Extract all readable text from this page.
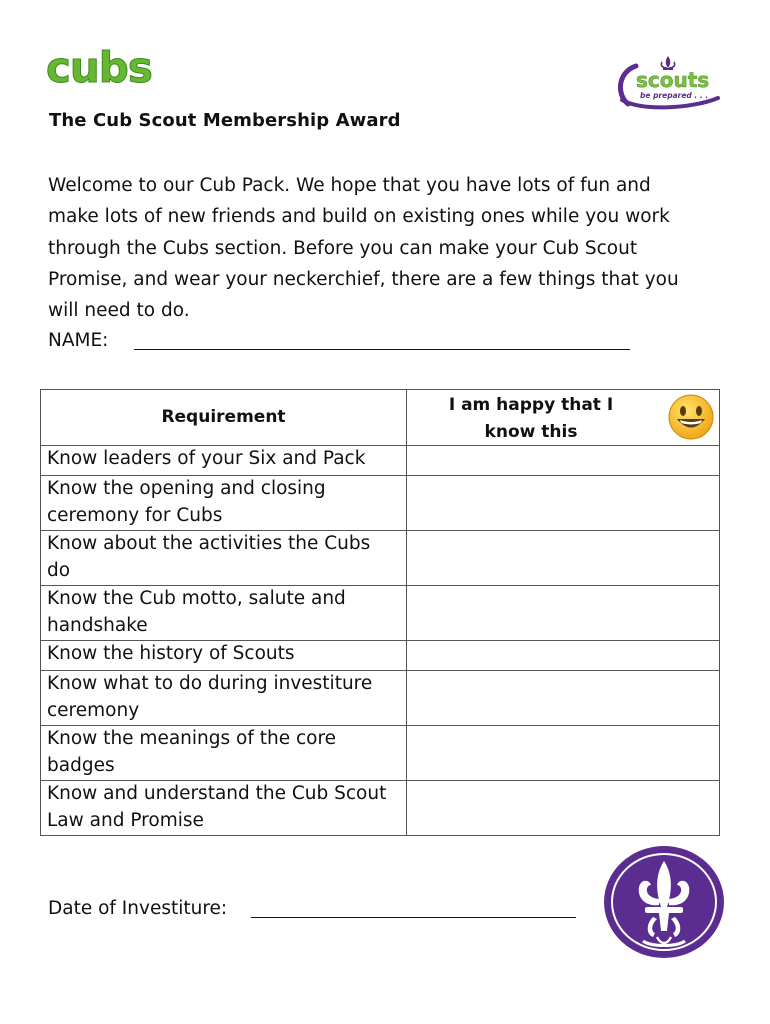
cubs	scouts
be prepared . . .
The Cub Scout Membership Award

Welcome to our Cub Pack. We hope that you have lots of fun and

make lots of new friends and build on existing ones while you work

through the Cubs section. Before you can make your Cub Scout

Promise, and wear your neckerchief, there are a few things that you

will need to do.

NAME:
Requirement	I am happy that I
know this

Know leaders of your Six and Pack	
Know the opening and closing
ceremony for Cubs	
Know about the activities the Cubs
do	
Know the Cub motto, salute and
handshake	
Know the history of Scouts	
Know what to do during investiture
ceremony	
Know the meanings of the core
badges	
Know and understand the Cub Scout
Law and Promise	
Date of Investiture:
